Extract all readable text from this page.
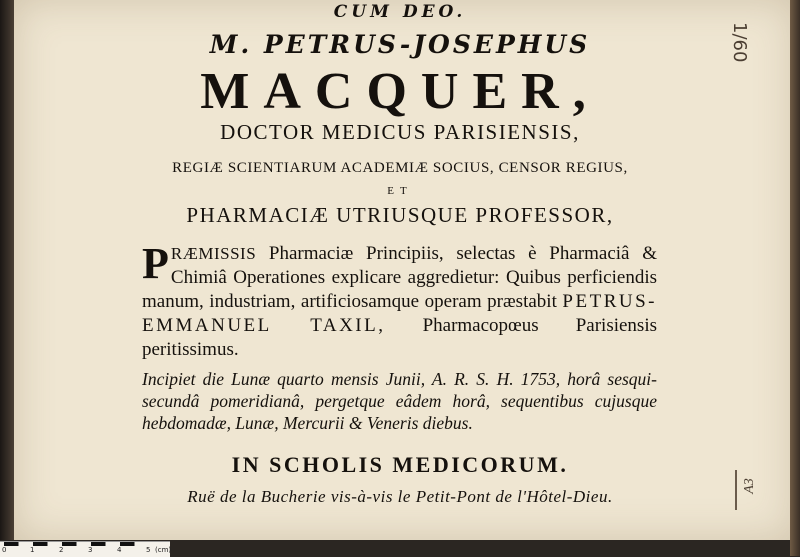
CUM DEO.
M. PETRUS-JOSEPHUS
MACQUER,
DOCTOR MEDICUS PARISIENSIS,
REGIÆ SCIENTIARUM ACADEMIÆ SOCIUS, CENSOR REGIUS,
ET
PHARMACIÆ UTRIUSQUE PROFESSOR,
PRÆMISSIS Pharmaciæ Principiis, selectas è Pharmaciâ & Chimiâ Operationes explicare aggredietur: Quibus perficiendis manum, industriam, artificiosamque operam præstabit PETRUS-EMMANUEL TAXIL, Pharmacopœus Parisiensis peritissimus.
Incipiet die Lunæ quarto mensis Junii, A. R. S. H. 1753, horâ sesqui-secundâ pomeridianâ, pergetque eâdem horâ, sequentibus cujusque hebdomadæ, Lunæ, Mercurii & Veneris diebus.
IN SCHOLIS MEDICORUM.
Ruë de la Bucherie vis-à-vis le Petit-Pont de l'Hôtel-Dieu.
1/60
A3
0	1	2	3	4	5 (cm)
